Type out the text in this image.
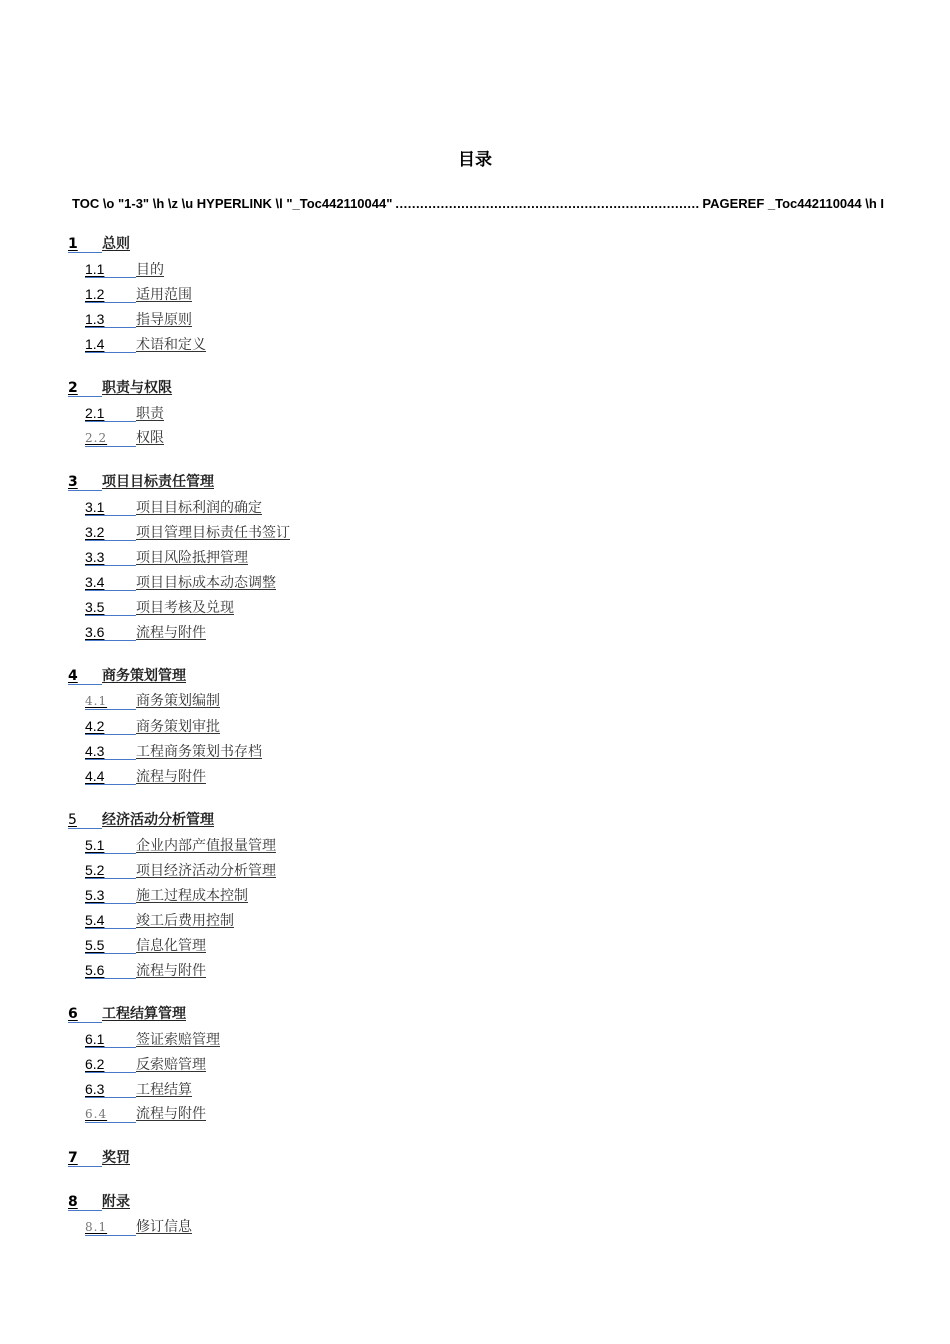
目录
TOC \o "1-3" \h \z \u HYPERLINK \l "_Toc442110044"
.....	PAGEREF _Toc442110044 \h I
1	总则
1.1	目的
1.2	适用范围
1.3	指导原则
1.4	术语和定义
2	职责与权限
2.1	职责
2.2	权限
3	项目目标责任管理
3.1	项目目标利润的确定
3.2	项目管理目标责任书签订
3.3	项目风险抵押管理
3.4	项目目标成本动态调整
3.5	项目考核及兑现
3.6	流程与附件
4	商务策划管理
4.1	商务策划编制
4.2	商务策划审批
4.3	工程商务策划书存档
4.4	流程与附件
5	经济活动分析管理
5.1	企业内部产值报量管理
5.2	项目经济活动分析管理
5.3	施工过程成本控制
5.4	竣工后费用控制
5.5	信息化管理
5.6	流程与附件
6	工程结算管理
6.1	签证索赔管理
6.2	反索赔管理
6.3	工程结算
6.4	流程与附件
7	奖罚
8	附录
8.1	修订信息
